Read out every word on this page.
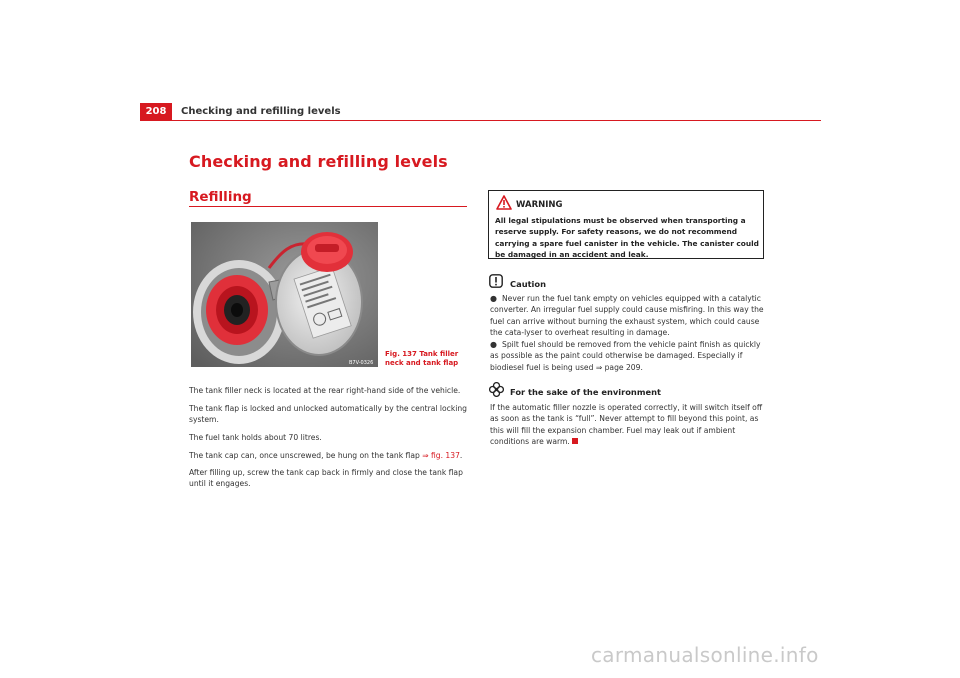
208	Checking and refilling levels
Checking and refilling levels
Refilling
B7V-0326
Fig. 137 Tank filler neck and tank flap

The tank filler neck is located at the rear right-hand side of the vehicle.

The tank flap is locked and unlocked automatically by the central locking system.

The fuel tank holds about 70 litres.

The tank cap can, once unscrewed, be hung on the tank flap ⇒ fig. 137.

After filling up, screw the tank cap back in firmly and close the tank flap until it engages.

WARNING

All legal stipulations must be observed when transporting a reserve supply. For safety reasons, we do not recommend carrying a spare fuel canister in the vehicle. The canister could be damaged in an accident and leak.

Caution

● Never run the fuel tank empty on vehicles equipped with a catalytic converter. An irregular fuel supply could cause misfiring. In this way the fuel can arrive without burning the exhaust system, which could cause the cata-lyser to overheat resulting in damage.

● Spilt fuel should be removed from the vehicle paint finish as quickly as possible as the paint could otherwise be damaged. Especially if biodiesel fuel is being used ⇒ page 209.

For the sake of the environment

If the automatic filler nozzle is operated correctly, it will switch itself off as soon as the tank is “full”. Never attempt to fill beyond this point, as this will fill the expansion chamber. Fuel may leak out if ambient conditions are warm.

carmanualsonline.info
